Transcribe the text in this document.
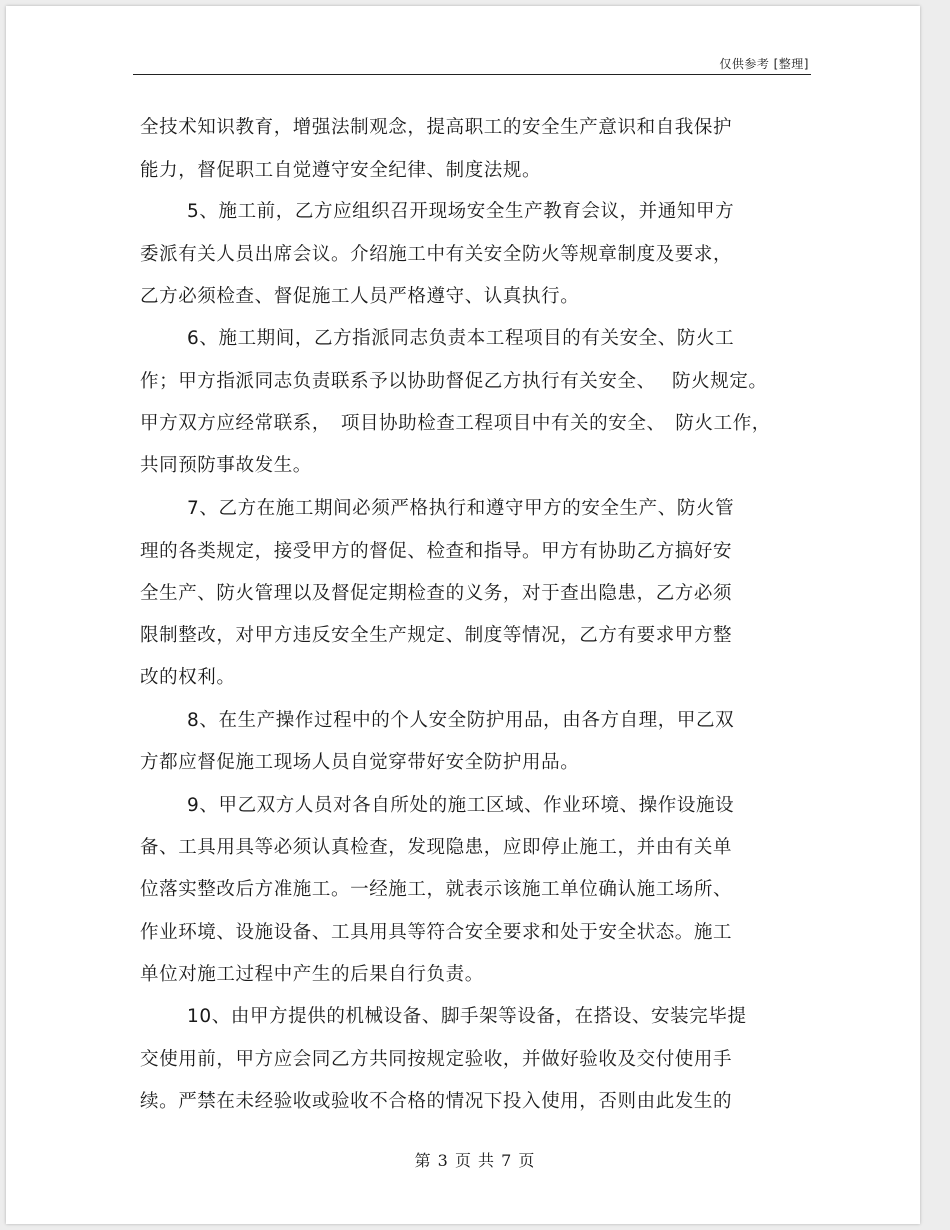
仅供参考 [整理]
全技术知识教育，增强法制观念，提高职工的安全生产意识和自我保护
能力，督促职工自觉遵守安全纪律、制度法规。
5、施工前，乙方应组织召开现场安全生产教育会议，并通知甲方
委派有关人员出席会议。介绍施工中有关安全防火等规章制度及要求，
乙方必须检查、督促施工人员严格遵守、认真执行。
6、施工期间，乙方指派同志负责本工程项目的有关安全、防火工
作；甲方指派同志负责联系予以协助督促乙方执行有关安全、　 防火规定。
甲方双方应经常联系，　项目协助检查工程项目中有关的安全、　防火工作，
共同预防事故发生。
7、乙方在施工期间必须严格执行和遵守甲方的安全生产、防火管
理的各类规定，接受甲方的督促、检查和指导。甲方有协助乙方搞好安
全生产、防火管理以及督促定期检查的义务，对于查出隐患，乙方必须
限制整改，对甲方违反安全生产规定、制度等情况，乙方有要求甲方整
改的权利。
8、在生产操作过程中的个人安全防护用品，由各方自理，甲乙双
方都应督促施工现场人员自觉穿带好安全防护用品。
9、甲乙双方人员对各自所处的施工区域、作业环境、操作设施设
备、工具用具等必须认真检查，发现隐患，应即停止施工，并由有关单
位落实整改后方准施工。一经施工，就表示该施工单位确认施工场所、
作业环境、设施设备、工具用具等符合安全要求和处于安全状态。施工
单位对施工过程中产生的后果自行负责。
10、由甲方提供的机械设备、脚手架等设备，在搭设、安装完毕提
交使用前，甲方应会同乙方共同按规定验收，并做好验收及交付使用手
续。严禁在未经验收或验收不合格的情况下投入使用，否则由此发生的
第 3 页 共 7 页
